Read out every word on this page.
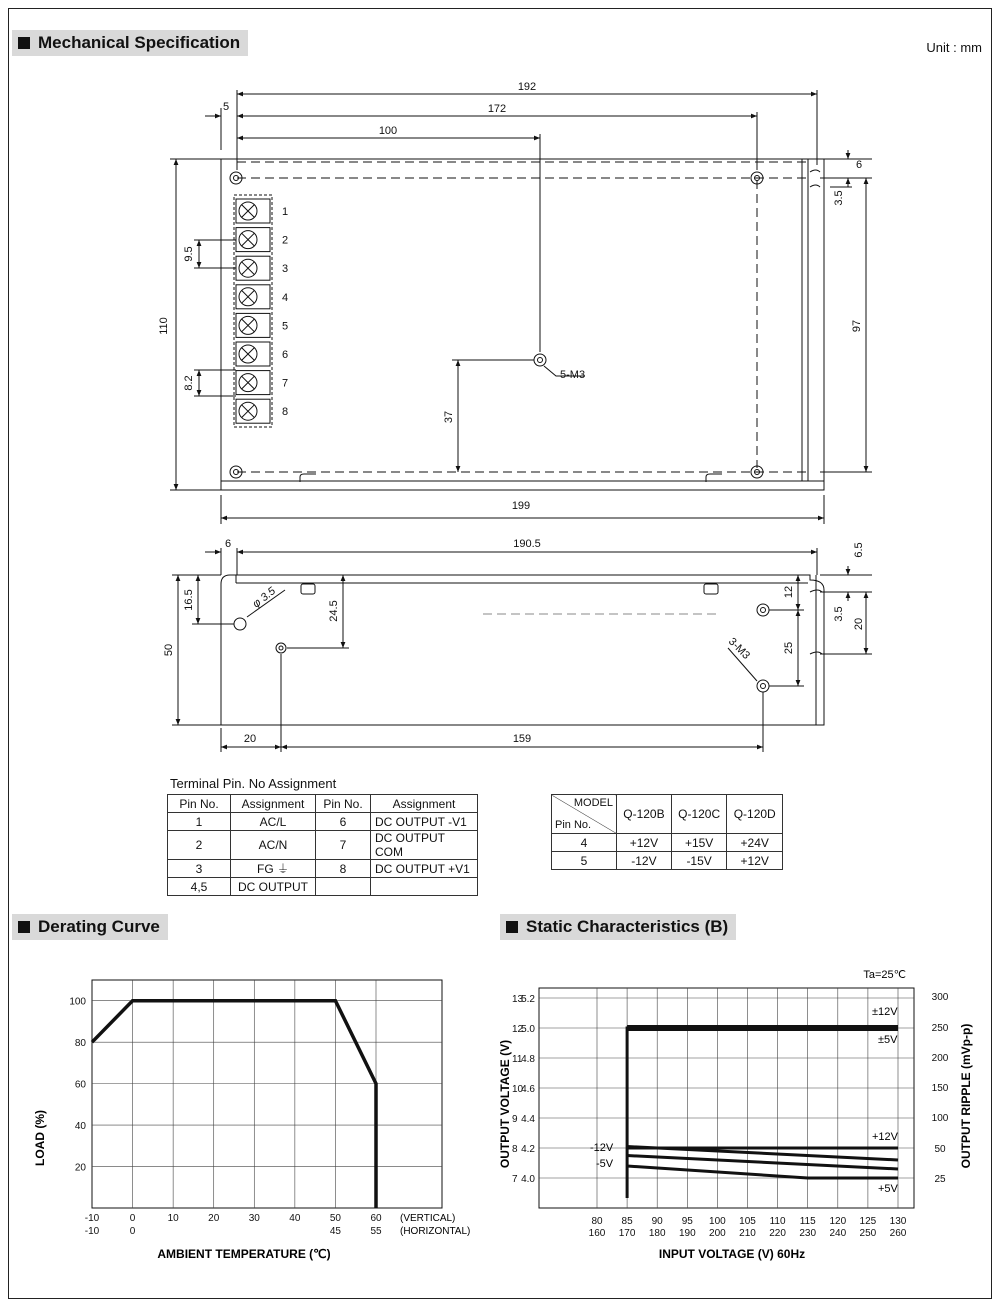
Mechanical Specification	Unit : mm
192
172
100
5
110
9.5
8.2
37
5-M3
97
6
3.5
199
1
2
3
4
5
6
7
8
6	190.5	6.5
50
16.5
24.5
φ 3.5
3-M3
12
25
3.5
20
20	159
Terminal Pin. No Assignment
Pin No.	Assignment	Pin No.	Assignment
1	AC/L	6	DC OUTPUT -V1
2	AC/N	7	DC OUTPUT COM
3	FG ⏚	8	DC OUTPUT +V1
4,5	DC OUTPUT		
MODEL
Pin No.	Q-120B	Q-120C	Q-120D
4	+12V	+15V	+24V
5	-12V	-15V	+12V
Derating Curve	Static Characteristics (B)
-10
-10
0
0
10	20	30	40	50
45
60
55
20
40
60
80
100
LOAD (%)
AMBIENT TEMPERATURE (℃)
(VERTICAL)
(HORIZONTAL)
80
160
85
170
90
180
95
190
100
200
105
210
110
220
115
230
120
240
125
250
130
260
7 4.0
8 4.2
9 4.4
10
4.6
11
4.8
12
5.0
13
5.2
25
50
100
150
200
250
300
Ta=25℃
OUTPUT VOLTAGE (V)	OUTPUT RIPPLE (mVp-p)
INPUT VOLTAGE (V) 60Hz
±12V
±5V
+12V
-12V
-5V
+5V
